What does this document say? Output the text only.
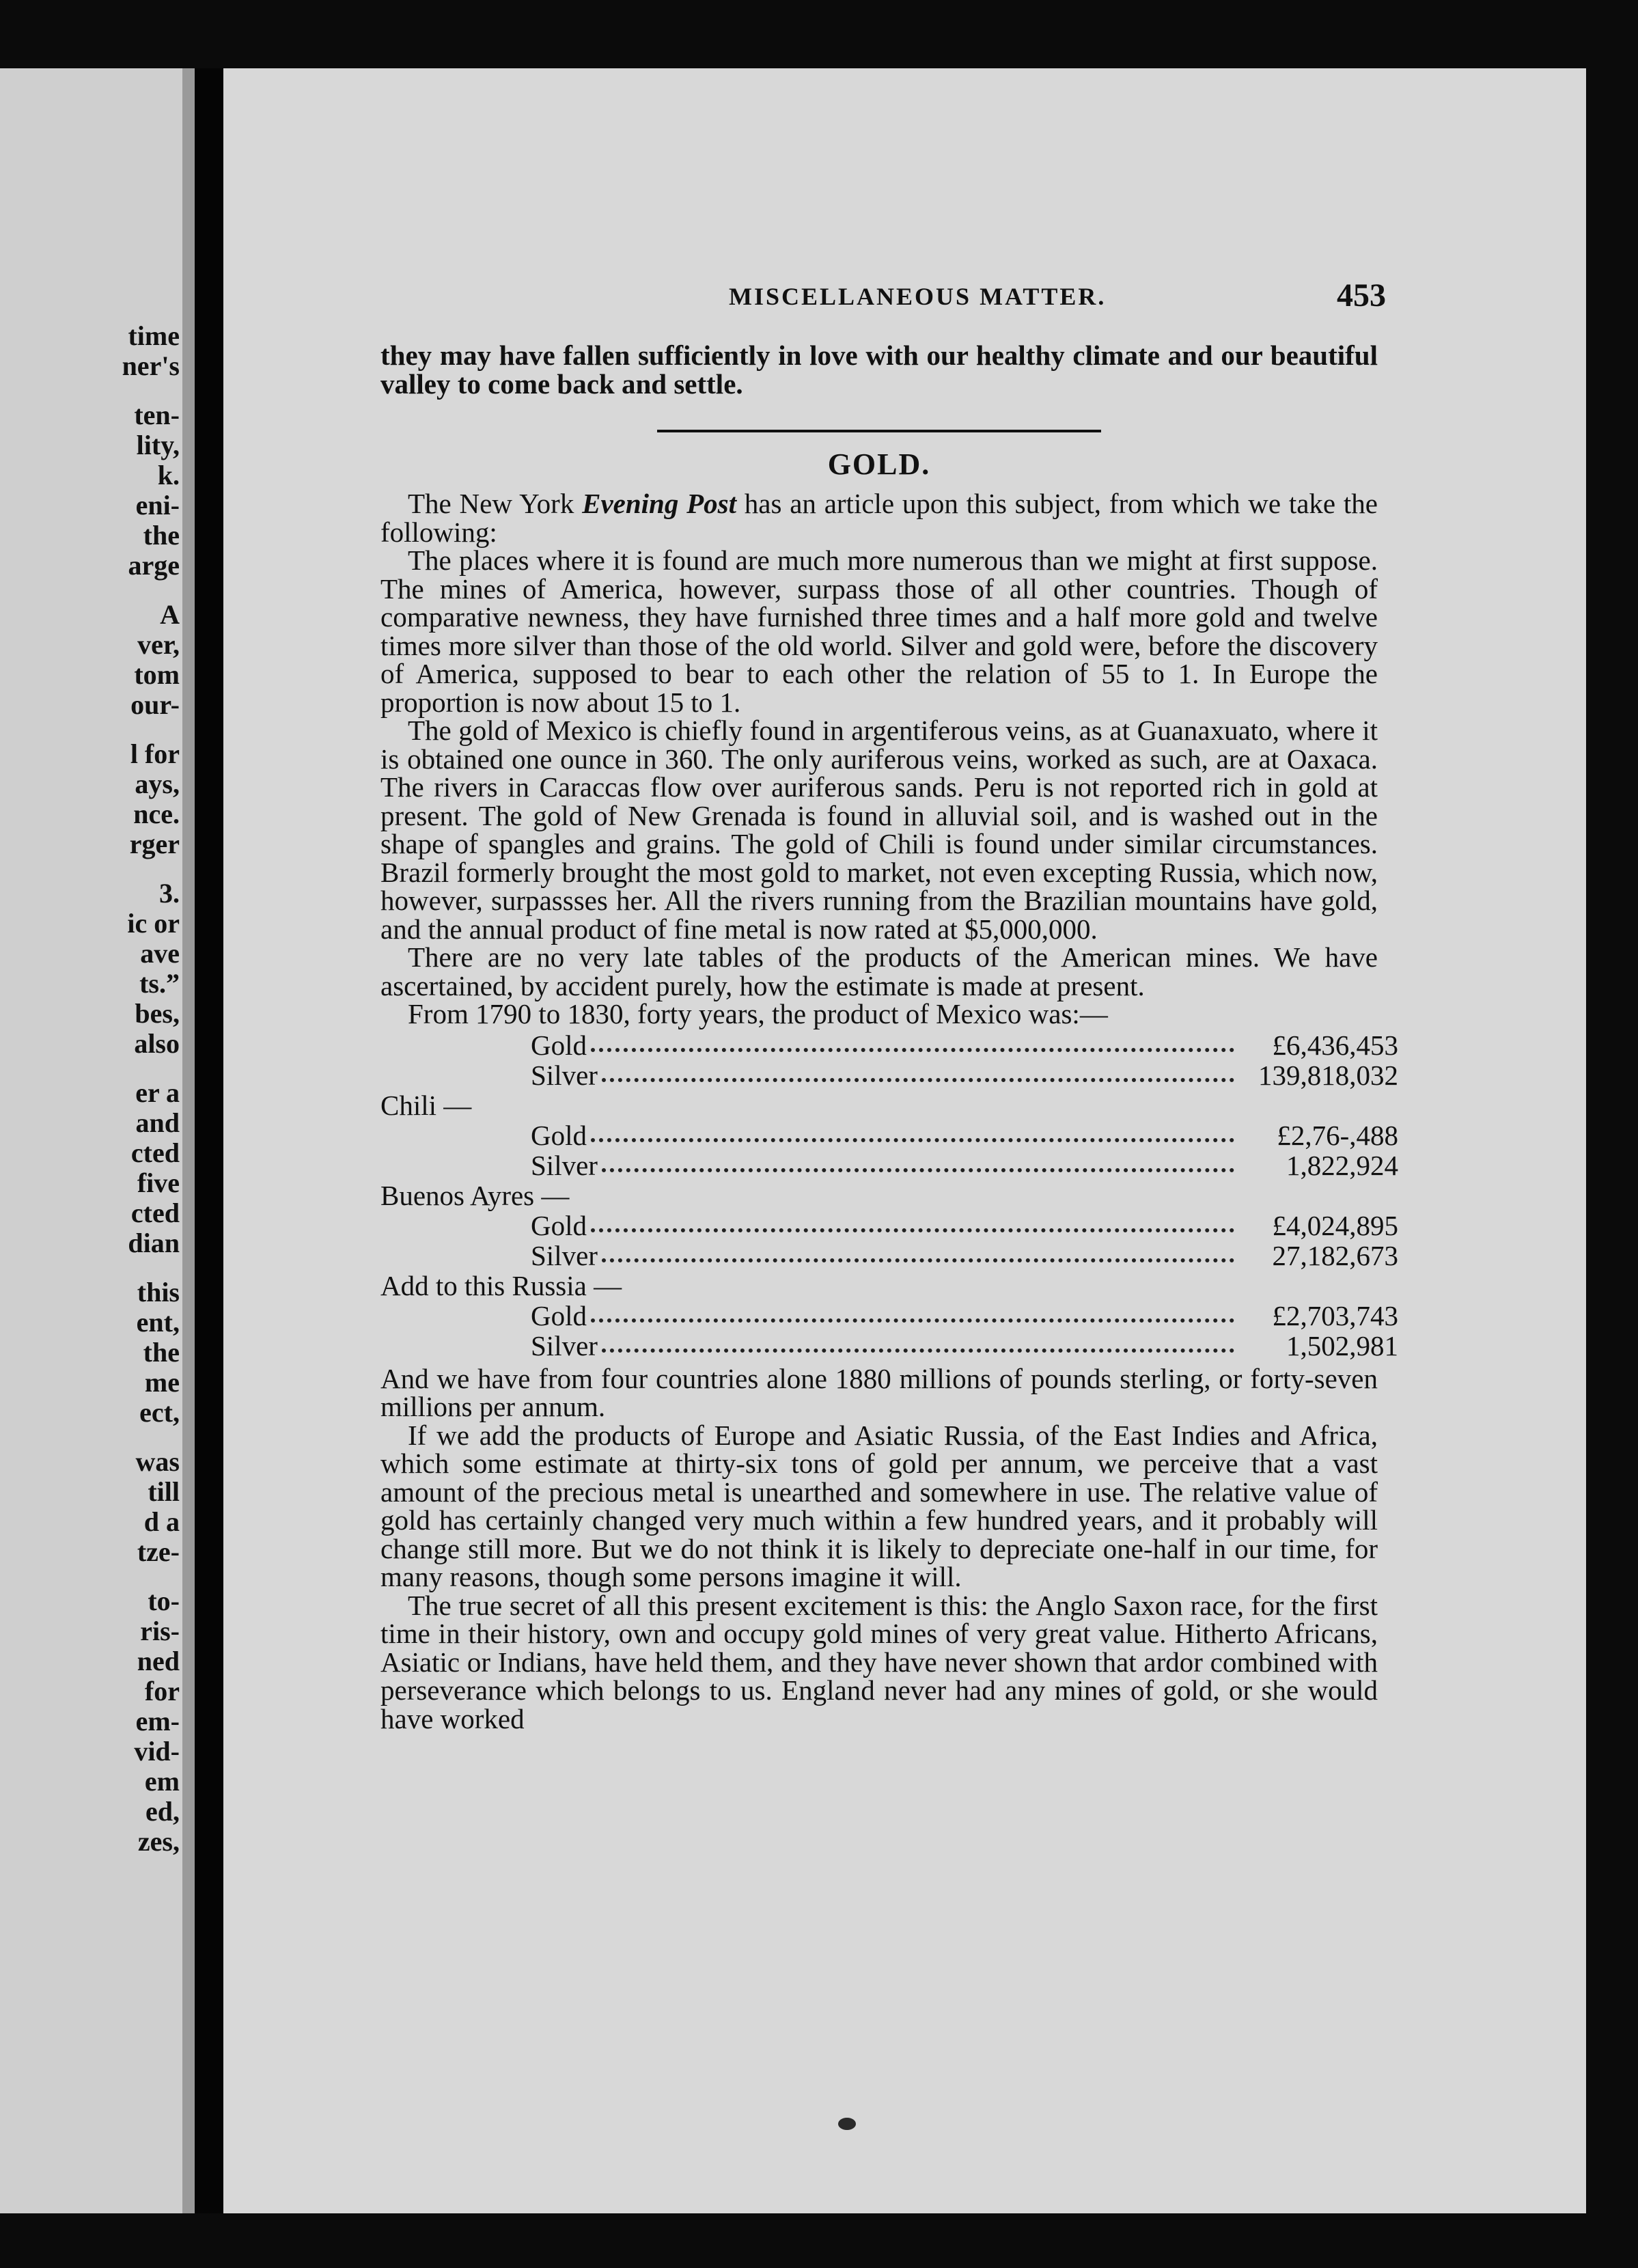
time
ner's
ten-
lity,
k.
eni-
the
arge
A
ver,
tom
our-
l for
ays,
nce.
rger
3.
ic or
ave
ts.”
bes,
also
er a
and
cted
five
cted
dian
this
ent,
the
me
ect,
was
till
d a
tze-
to-
ris-
ned
for
em-
vid-
em
ed,
zes,
MISCELLANEOUS MATTER.	453

they may have fallen sufficiently in love with our healthy climate and our beautiful valley to come back and settle.

GOLD.

The New York Evening Post has an article upon this subject, from which we take the following:

The places where it is found are much more numerous than we might at first suppose. The mines of America, however, surpass those of all other countries. Though of comparative newness, they have furnished three times and a half more gold and twelve times more silver than those of the old world. Silver and gold were, before the discovery of America, supposed to bear to each other the relation of 55 to 1. In Europe the proportion is now about 15 to 1.

The gold of Mexico is chiefly found in argentiferous veins, as at Guanaxuato, where it is obtained one ounce in 360. The only auriferous veins, worked as such, are at Oaxaca. The rivers in Caraccas flow over auriferous sands. Peru is not reported rich in gold at present. The gold of New Grenada is found in alluvial soil, and is washed out in the shape of spangles and grains. The gold of Chili is found under similar circumstances. Brazil formerly brought the most gold to market, not even excepting Russia, which now, however, surpassses her. All the rivers running from the Brazilian mountains have gold, and the annual product of fine metal is now rated at $5,000,000.

There are no very late tables of the products of the American mines. We have ascertained, by accident purely, how the estimate is made at present.

From 1790 to 1830, forty years, the product of Mexico was:—

Gold	£6,436,453
Silver	139,818,032
Chili —
Gold	£2,76-,488
Silver	1,822,924
Buenos Ayres —
Gold	£4,024,895
Silver	27,182,673
Add to this Russia —
Gold	£2,703,743
Silver	1,502,981

And we have from four countries alone 1880 millions of pounds sterling, or forty-seven millions per annum.

If we add the products of Europe and Asiatic Russia, of the East Indies and Africa, which some estimate at thirty-six tons of gold per annum, we perceive that a vast amount of the precious metal is unearthed and somewhere in use. The relative value of gold has certainly changed very much within a few hundred years, and it probably will change still more. But we do not think it is likely to depreciate one-half in our time, for many reasons, though some persons imagine it will.

The true secret of all this present excitement is this: the Anglo Saxon race, for the first time in their history, own and occupy gold mines of very great value. Hitherto Africans, Asiatic or Indians, have held them, and they have never shown that ardor combined with perseverance which belongs to us. England never had any mines of gold, or she would have worked
